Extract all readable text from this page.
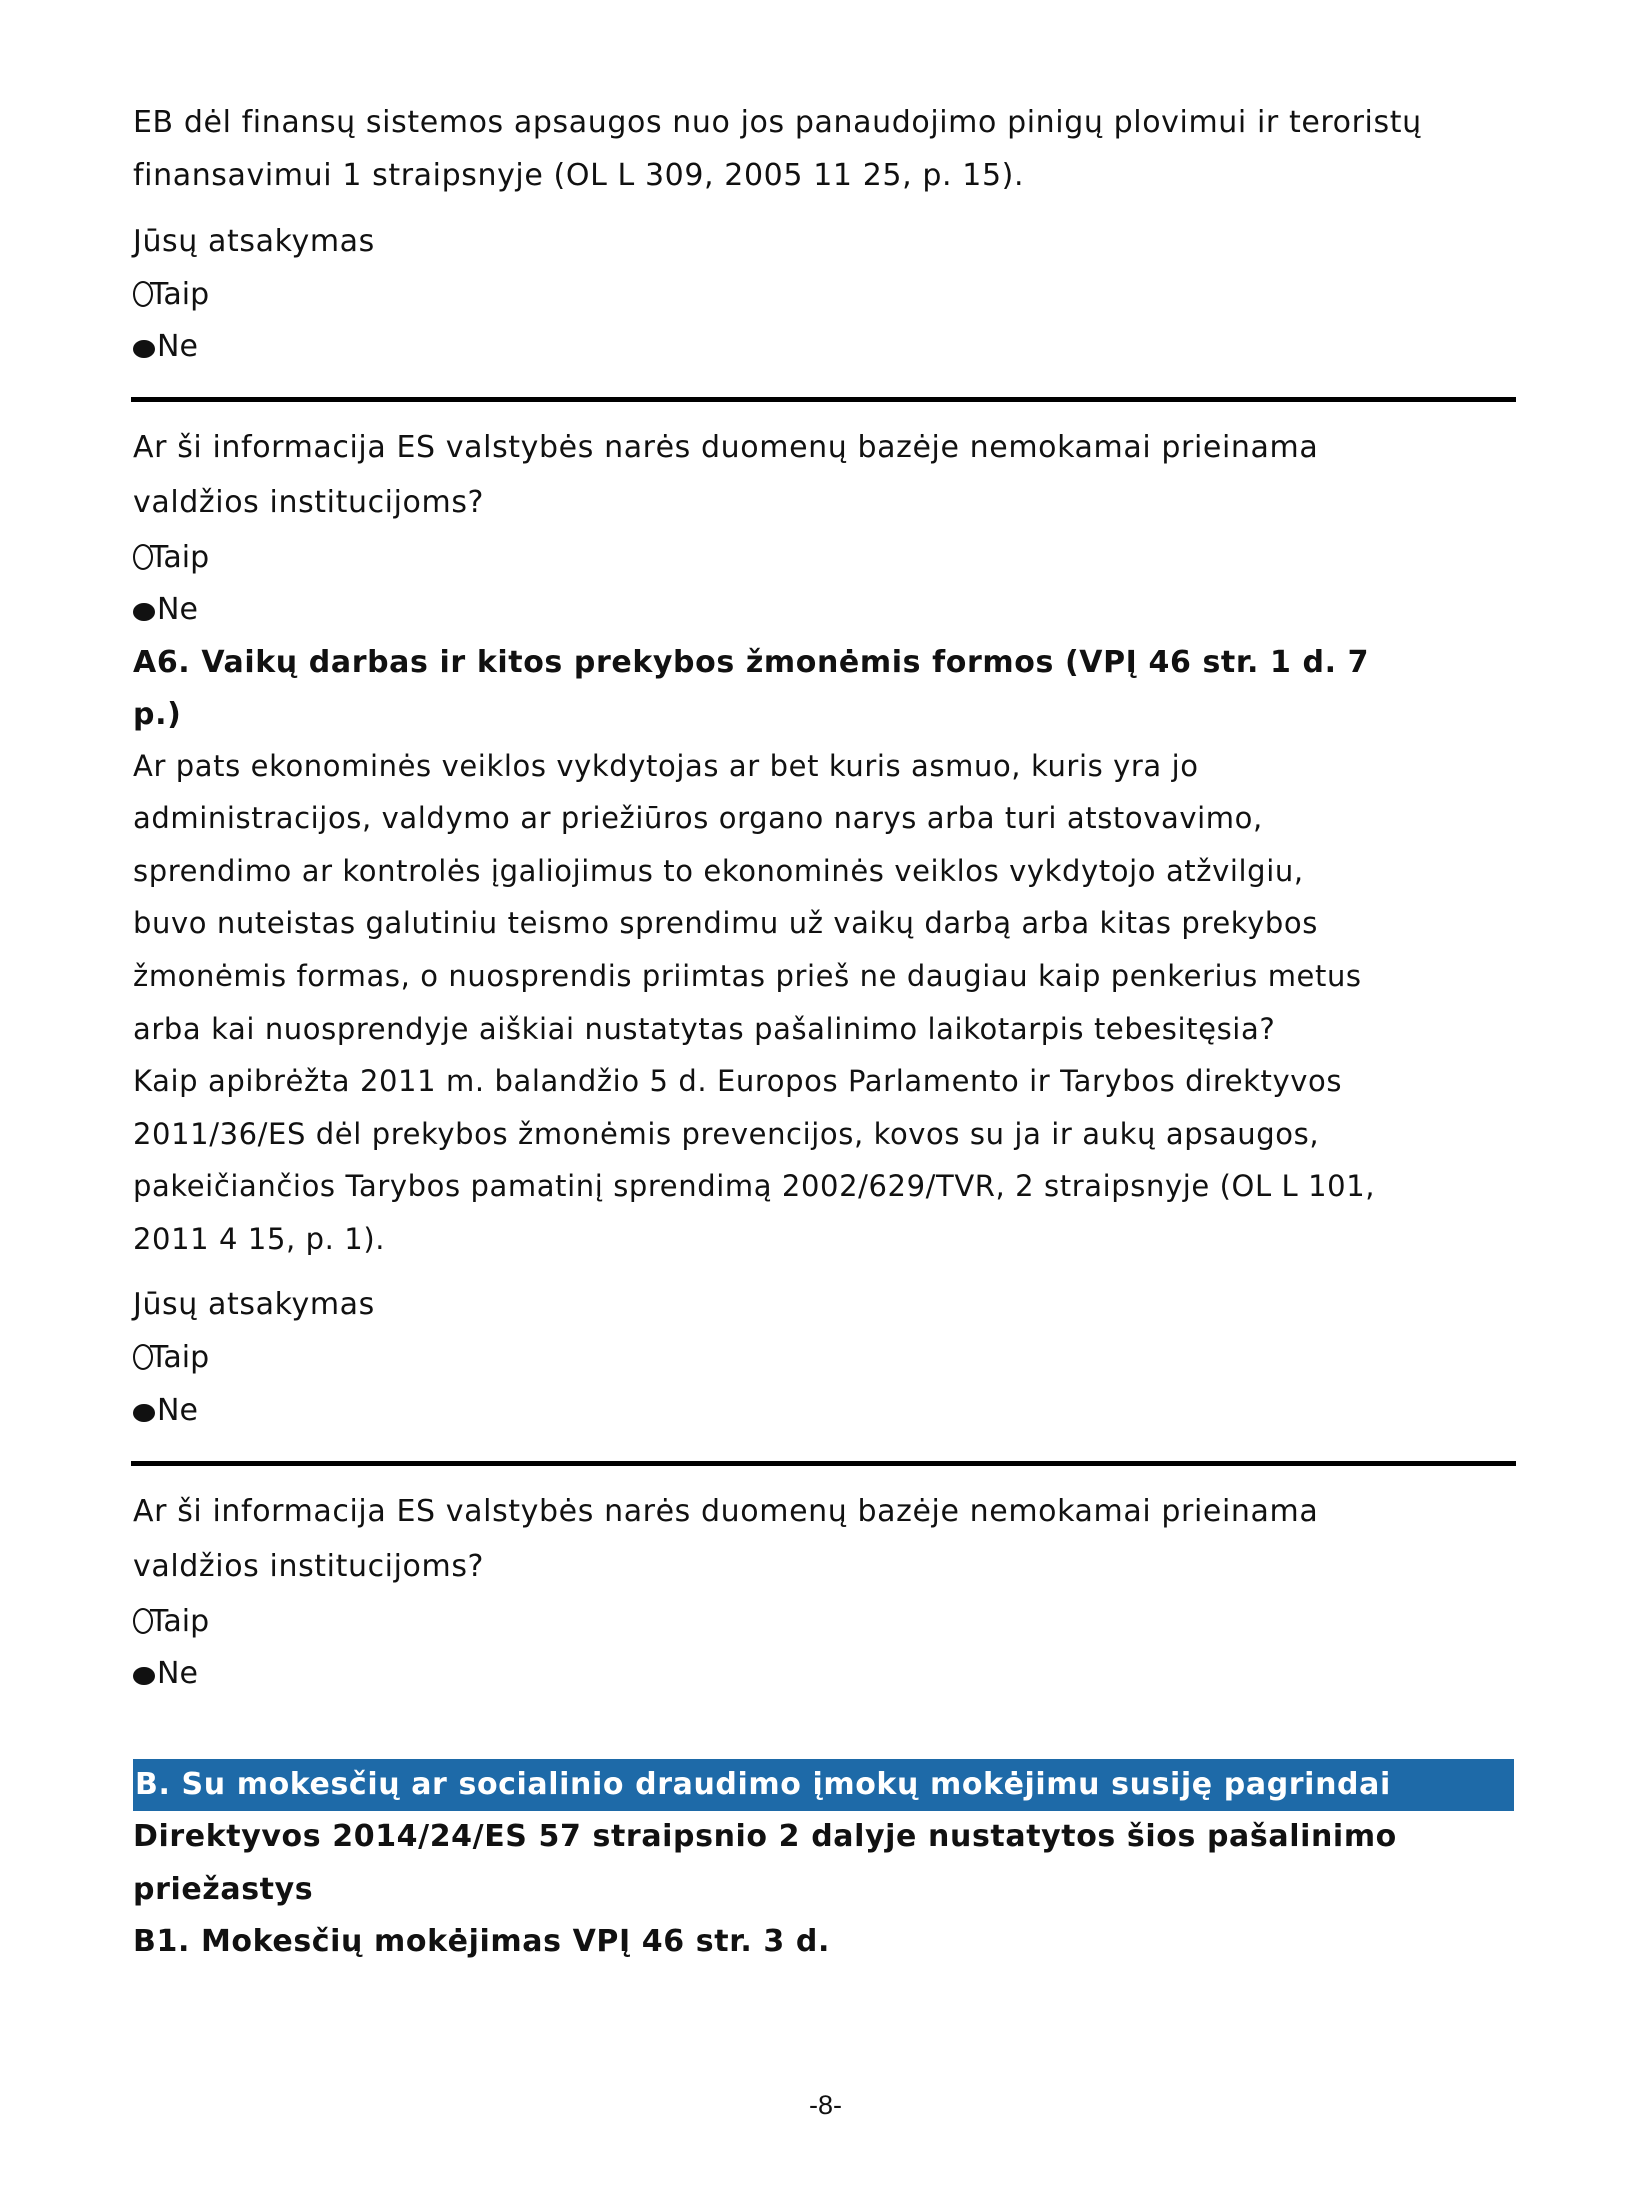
EB dėl finansų sistemos apsaugos nuo jos panaudojimo pinigų plovimui ir teroristų
finansavimui 1 straipsnyje (OL L 309, 2005 11 25, p. 15).
Jūsų atsakymas
Taip
Ne
Ar ši informacija ES valstybės narės duomenų bazėje nemokamai prieinama
valdžios institucijoms?
Taip
Ne
A6. Vaikų darbas ir kitos prekybos žmonėmis formos (VPĮ 46 str. 1 d. 7
p.)
Ar pats ekonominės veiklos vykdytojas ar bet kuris asmuo, kuris yra jo
administracijos, valdymo ar priežiūros organo narys arba turi atstovavimo,
sprendimo ar kontrolės įgaliojimus to ekonominės veiklos vykdytojo atžvilgiu,
buvo nuteistas galutiniu teismo sprendimu už vaikų darbą arba kitas prekybos
žmonėmis formas, o nuosprendis priimtas prieš ne daugiau kaip penkerius metus
arba kai nuosprendyje aiškiai nustatytas pašalinimo laikotarpis tebesitęsia?
Kaip apibrėžta 2011 m. balandžio 5 d. Europos Parlamento ir Tarybos direktyvos
2011/36/ES dėl prekybos žmonėmis prevencijos, kovos su ja ir aukų apsaugos,
pakeičiančios Tarybos pamatinį sprendimą 2002/629/TVR, 2 straipsnyje (OL L 101,
2011 4 15, p. 1).
Jūsų atsakymas
Taip
Ne
Ar ši informacija ES valstybės narės duomenų bazėje nemokamai prieinama
valdžios institucijoms?
Taip
Ne
B. Su mokesčių ar socialinio draudimo įmokų mokėjimu susiję pagrindai
Direktyvos 2014/24/ES 57 straipsnio 2 dalyje nustatytos šios pašalinimo
priežastys
B1. Mokesčių mokėjimas VPĮ 46 str. 3 d.
-8-
